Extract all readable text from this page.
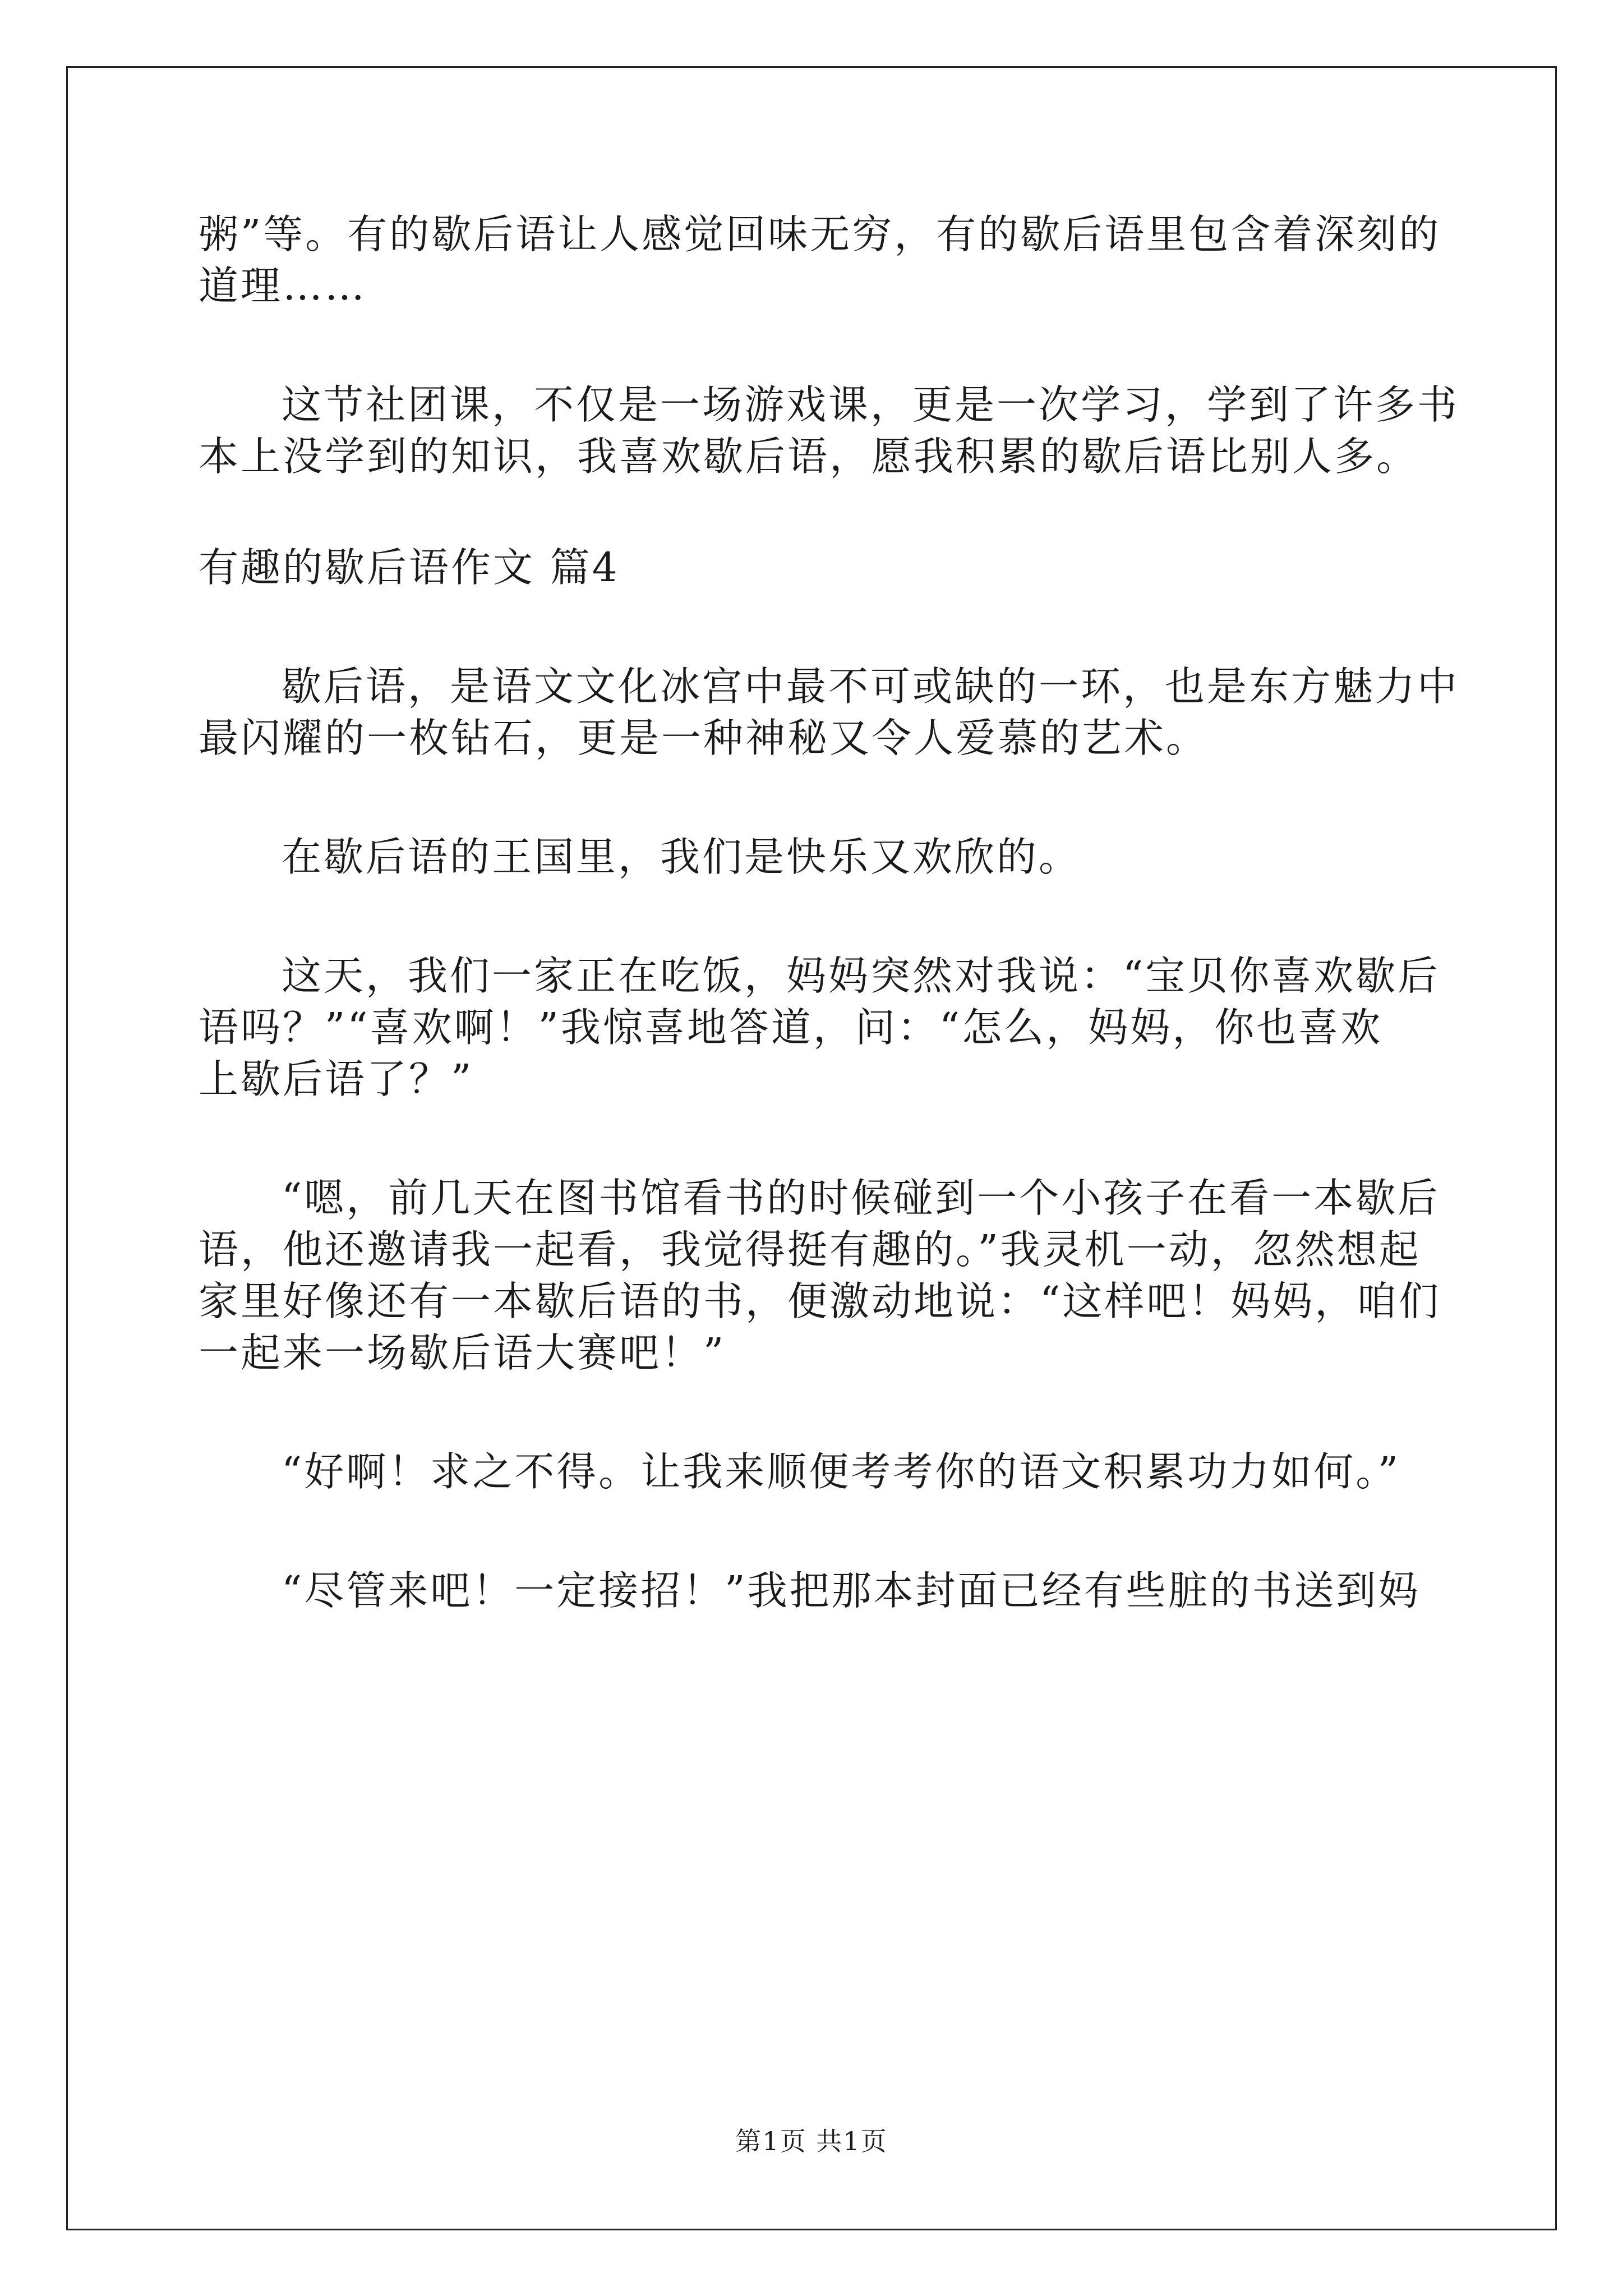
粥”等。有的歇后语让人感觉回味无穷，有的歇后语里包含着深刻的
道理……
这节社团课，不仅是一场游戏课，更是一次学习，学到了许多书
本上没学到的知识，我喜欢歇后语，愿我积累的歇后语比别人多。
有趣的歇后语作文 篇4
歇后语，是语文文化冰宫中最不可或缺的一环，也是东方魅力中
最闪耀的一枚钻石，更是一种神秘又令人爱慕的艺术。
在歇后语的王国里，我们是快乐又欢欣的。
这天，我们一家正在吃饭，妈妈突然对我说：“宝贝你喜欢歇后
语吗？”“喜欢啊！”我惊喜地答道，问：“怎么，妈妈，你也喜欢
上歇后语了？”
“嗯，前几天在图书馆看书的时候碰到一个小孩子在看一本歇后
语，他还邀请我一起看，我觉得挺有趣的。”我灵机一动，忽然想起
家里好像还有一本歇后语的书，便激动地说：“这样吧！妈妈，咱们
一起来一场歇后语大赛吧！”
“好啊！求之不得。让我来顺便考考你的语文积累功力如何。”
“尽管来吧！一定接招！”我把那本封面已经有些脏的书送到妈
第1页 共1页
